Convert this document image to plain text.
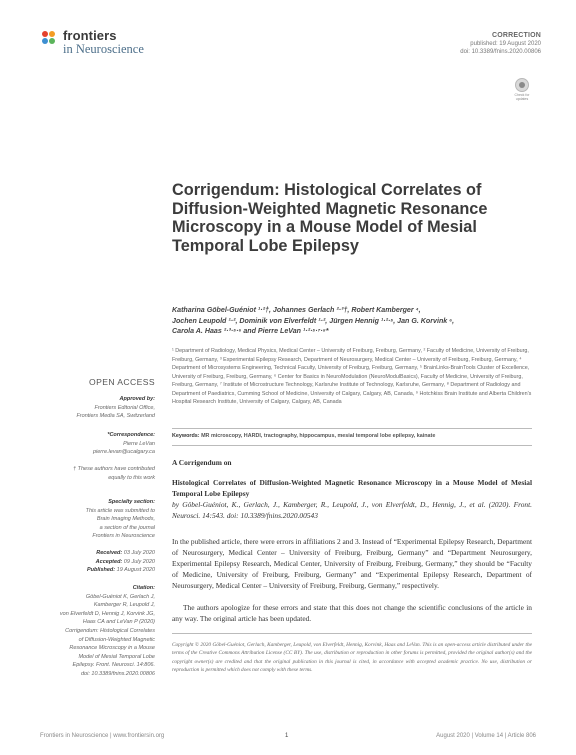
frontiers
in Neuroscience
CORRECTION
published: 19 August 2020
doi: 10.3389/fnins.2020.00806
Check for
updates
Corrigendum: Histological Correlates of Diffusion-Weighted Magnetic Resonance Microscopy in a Mouse Model of Mesial Temporal Lobe Epilepsy
Katharina Göbel-Guéniot ¹·²†, Johannes Gerlach ²·³†, Robert Kamberger ⁴,
Jochen Leupold ¹·², Dominik von Elverfeldt ¹·², Jürgen Hennig ¹·²·⁵, Jan G. Korvink ⁶,
Carola A. Haas ²·³·⁵·⁶ and Pierre LeVan ¹·²·⁵·⁷·⁸*
¹ Department of Radiology, Medical Physics, Medical Center – University of Freiburg, Freiburg, Germany, ² Faculty of Medicine, University of Freiburg, Freiburg, Germany, ³ Experimental Epilepsy Research, Department of Neurosurgery, Medical Center – University of Freiburg, Freiburg, Germany, ⁴ Department of Microsystems Engineering, Technical Faculty, University of Freiburg, Freiburg, Germany, ⁵ BrainLinks-BrainTools Cluster of Excellence, University of Freiburg, Freiburg, Germany, ⁶ Center for Basics in NeuroModulation (NeuroModulBasics), Faculty of Medicine, University of Freiburg, Freiburg, Germany, ⁷ Institute of Microstructure Technology, Karlsruhe Institute of Technology, Karlsruhe, Germany, ⁸ Department of Radiology and Department of Paediatrics, Cumming School of Medicine, University of Calgary, Calgary, AB, Canada, ⁹ Hotchkiss Brain Institute and Alberta Children's Hospital Research Institute, University of Calgary, Calgary, AB, Canada
Keywords: MR microscopy, HARDI, tractography, hippocampus, mesial temporal lobe epilepsy, kainate
A Corrigendum on
Histological Correlates of Diffusion-Weighted Magnetic Resonance Microscopy in a Mouse Model of Mesial Temporal Lobe Epilepsy
by Göbel-Guéniot, K., Gerlach, J., Kamberger, R., Leupold, J., von Elverfeldt, D., Hennig, J., et al. (2020). Front. Neurosci. 14:543. doi: 10.3389/fnins.2020.00543
In the published article, there were errors in affiliations 2 and 3. Instead of “Experimental Epilepsy Research, Department of Neurosurgery, Medical Center – University of Freiburg, Freiburg, Germany” and “Department Neurosurgery, Experimental Epilepsy Research, Medical Center, University of Freiburg, Freiburg, Germany,” they should be “Faculty of Medicine, University of Freiburg, Freiburg, Germany” and “Experimental Epilepsy Research, Department of Neurosurgery, Medical Center – University of Freiburg, Freiburg, Germany,” respectively.
The authors apologize for these errors and state that this does not change the scientific conclusions of the article in any way. The original article has been updated.
Copyright © 2020 Göbel-Guéniot, Gerlach, Kamberger, Leupold, von Elverfeldt, Hennig, Korvink, Haas and LeVan. This is an open-access article distributed under the terms of the Creative Commons Attribution License (CC BY). The use, distribution or reproduction in other forums is permitted, provided the original author(s) and the copyright owner(s) are credited and that the original publication in this journal is cited, in accordance with accepted academic practice. No use, distribution or reproduction is permitted which does not comply with these terms.
OPEN ACCESS
Approved by:
Frontiers Editorial Office,
Frontiers Media SA, Switzerland
*Correspondence:
Pierre LeVan
pierre.levan@ucalgary.ca
† These authors have contributed
equally to this work
Specialty section:
This article was submitted to
Brain Imaging Methods,
a section of the journal
Frontiers in Neuroscience
Received: 03 July 2020
Accepted: 09 July 2020
Published: 19 August 2020
Citation:
Göbel-Guéniot K, Gerlach J,
Kamberger R, Leupold J,
von Elverfeldt D, Hennig J, Korvink JG,
Haas CA and LeVan P (2020)
Corrigendum: Histological Correlates
of Diffusion-Weighted Magnetic
Resonance Microscopy in a Mouse
Model of Mesial Temporal Lobe
Epilepsy. Front. Neurosci. 14:806.
doi: 10.3389/fnins.2020.00806
Frontiers in Neuroscience | www.frontiersin.org	1	August 2020 | Volume 14 | Article 806
